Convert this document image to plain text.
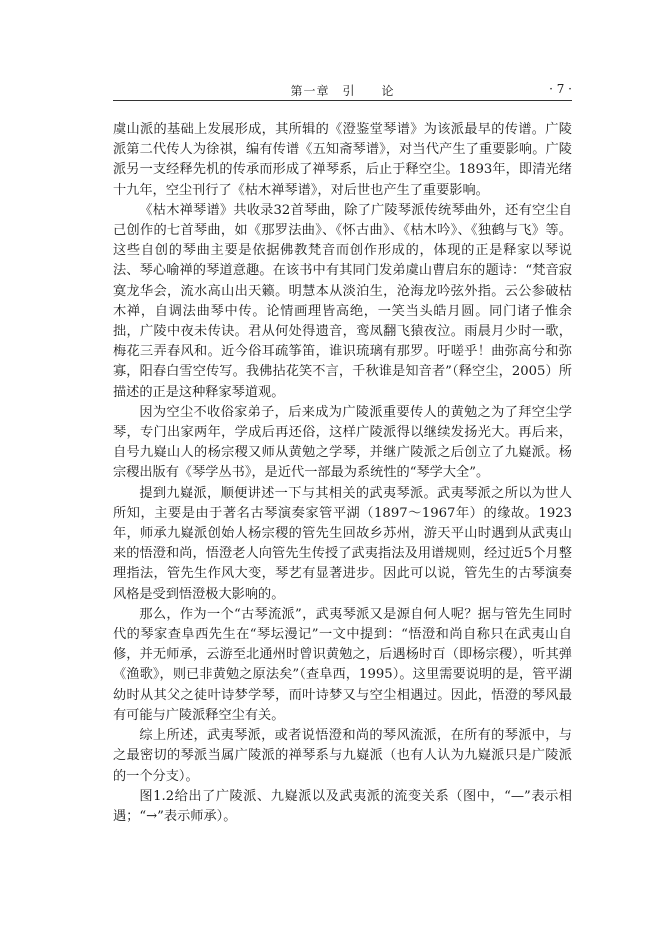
第一章　引　　论	· 7 ·

虞山派的基础上发展形成，其所辑的《澄鉴堂琴谱》为该派最早的传谱。广陵派第二代传人为徐祺，编有传谱《五知斋琴谱》，对当代产生了重要影响。广陵派另一支经释先机的传承而形成了禅琴系，后止于释空尘。1893年，即清光绪十九年，空尘刊行了《枯木禅琴谱》，对后世也产生了重要影响。

《枯木禅琴谱》共收录32首琴曲，除了广陵琴派传统琴曲外，还有空尘自己创作的七首琴曲，如《那罗法曲》、《怀古曲》、《枯木吟》、《独鹤与飞》等。这些自创的琴曲主要是依据佛教梵音而创作形成的，体现的正是释家以琴说法、琴心喻禅的琴道意趣。在该书中有其同门发弟虞山曹启东的题诗：“梵音寂寞龙华会，流水高山出天籁。明慧本从淡泊生，沧海龙吟弦外指。云公参破枯木禅，自调法曲琴中传。论情画理皆高绝，一笑当头皓月圆。同门诸子惟余拙，广陵中夜未传诀。君从何处得遗音，鸾凤翻飞猿夜泣。雨晨月少时一歌，梅花三弄春风和。近今俗耳疏筝笛，谁识琉璃有那罗。吁嗟乎！曲弥高兮和弥寡，阳春白雪空传写。我佛拈花笑不言，千秋谁是知音者”（释空尘，2005）所描述的正是这种释家琴道观。

因为空尘不收俗家弟子，后来成为广陵派重要传人的黄勉之为了拜空尘学琴，专门出家两年，学成后再还俗，这样广陵派得以继续发扬光大。再后来，自号九嶷山人的杨宗稷又师从黄勉之学琴，并继广陵派之后创立了九嶷派。杨宗稷出版有《琴学丛书》，是近代一部最为系统性的“琴学大全”。

提到九嶷派，顺便讲述一下与其相关的武夷琴派。武夷琴派之所以为世人所知，主要是由于著名古琴演奏家管平湖（1897～1967年）的缘故。1923年，师承九嶷派创始人杨宗稷的管先生回故乡苏州，游天平山时遇到从武夷山来的悟澄和尚，悟澄老人向管先生传授了武夷指法及用谱规则，经过近5个月整理指法，管先生作风大变，琴艺有显著进步。因此可以说，管先生的古琴演奏风格是受到悟澄极大影响的。

那么，作为一个“古琴流派”，武夷琴派又是源自何人呢？据与管先生同时代的琴家查阜西先生在“琴坛漫记”一文中提到：“悟澄和尚自称只在武夷山自修，并无师承，云游至北通州时曾识黄勉之，后遇杨时百（即杨宗稷），听其弹《渔歌》，则已非黄勉之原法矣”（查阜西，1995）。这里需要说明的是，管平湖幼时从其父之徒叶诗梦学琴，而叶诗梦又与空尘相遇过。因此，悟澄的琴风最有可能与广陵派释空尘有关。

综上所述，武夷琴派，或者说悟澄和尚的琴风流派，在所有的琴派中，与之最密切的琴派当属广陵派的禅琴系与九嶷派（也有人认为九嶷派只是广陵派的一个分支）。

图1.2给出了广陵派、九嶷派以及武夷派的流变关系（图中，“—”表示相遇；“→”表示师承）。
